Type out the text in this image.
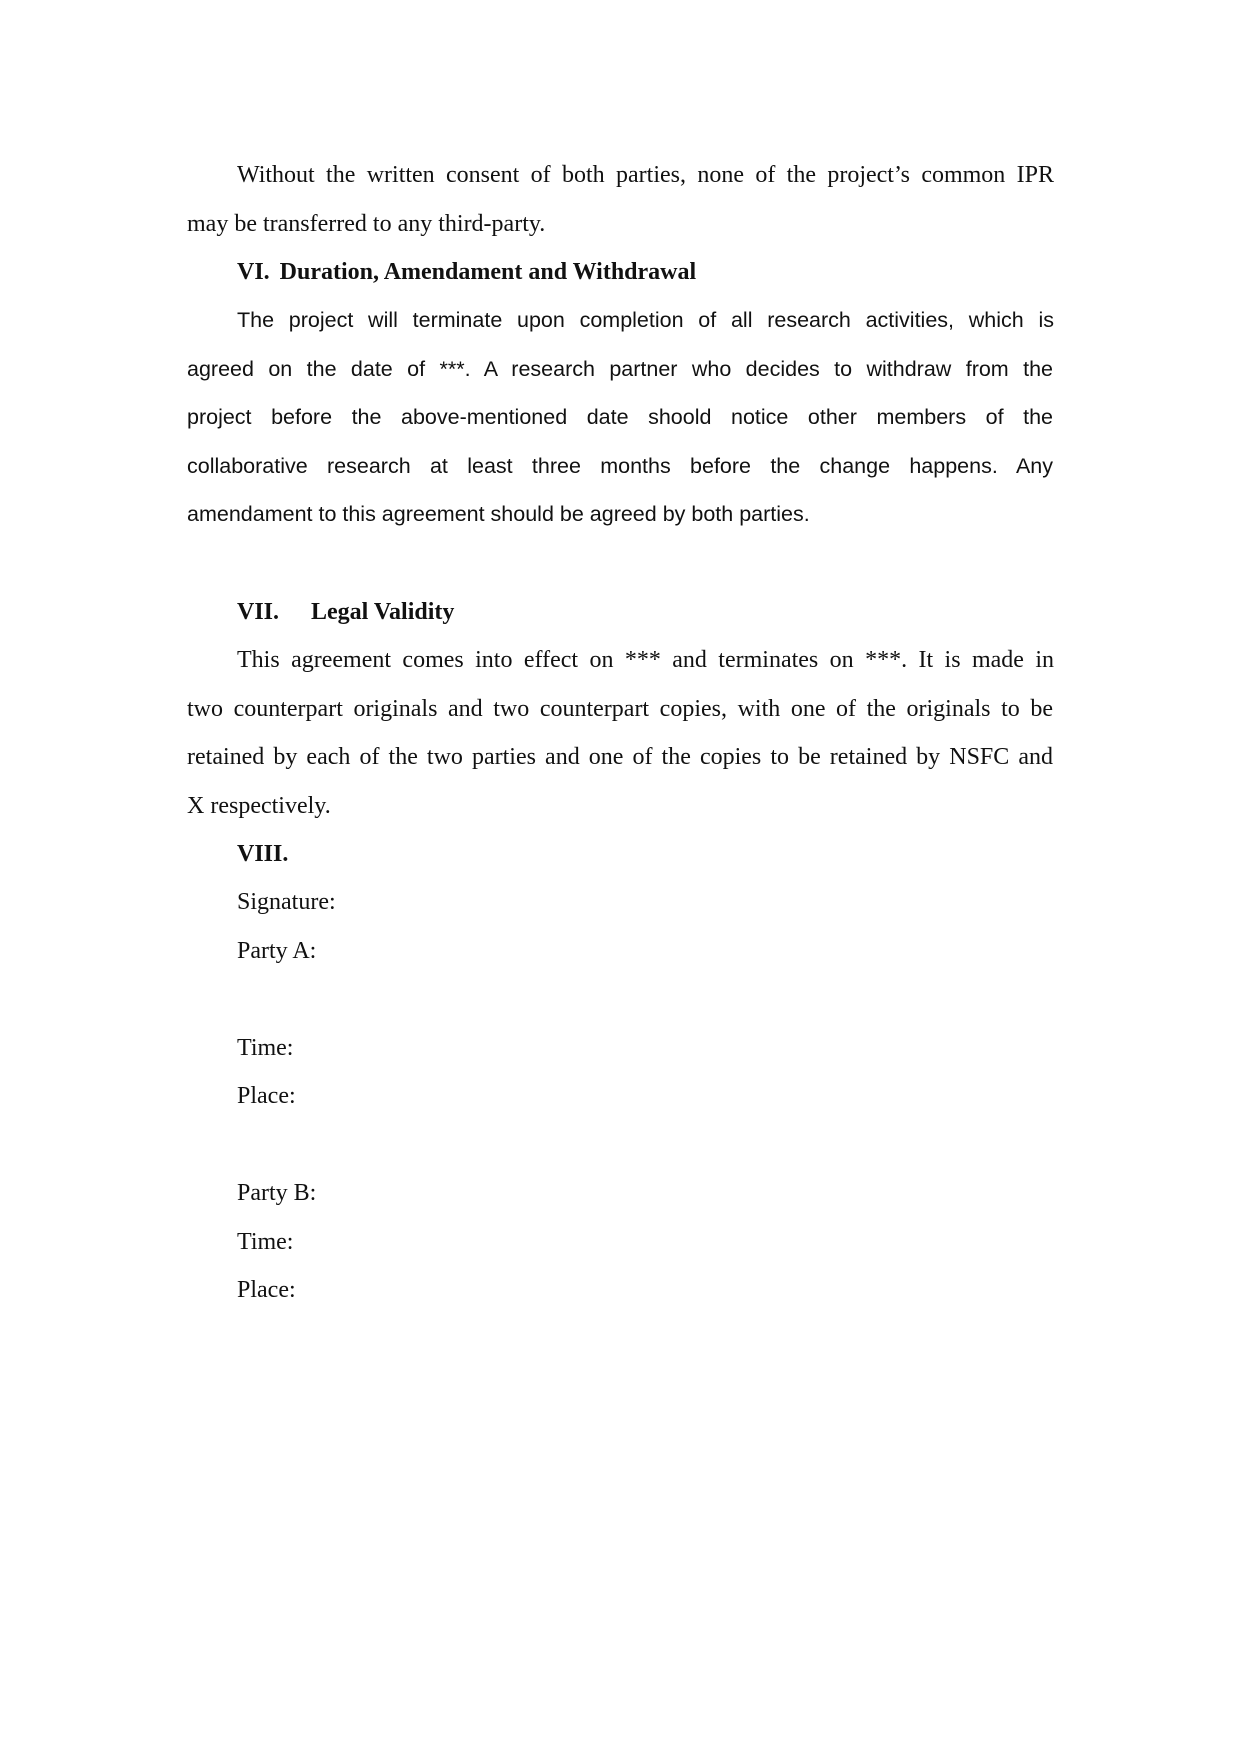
Without the written consent of both parties, none of the project’s common IPR
may be transferred to any third-party.
VI. Duration, Amendament and Withdrawal
The project will terminate upon completion of all research activities, which is
agreed on the date of ***. A research partner who decides to withdraw from the
project before the above-mentioned date shoold notice other members of the
collaborative research at least three months before the change happens. Any
amendament to this agreement should be agreed by both parties.
VII. Legal Validity
This agreement comes into effect on *** and terminates on ***. It is made in
two counterpart originals and two counterpart copies, with one of the originals to be
retained by each of the two parties and one of the copies to be retained by NSFC and
X respectively.
VIII.
Signature:
Party A:
Time:
Place:
Party B:
Time:
Place:
